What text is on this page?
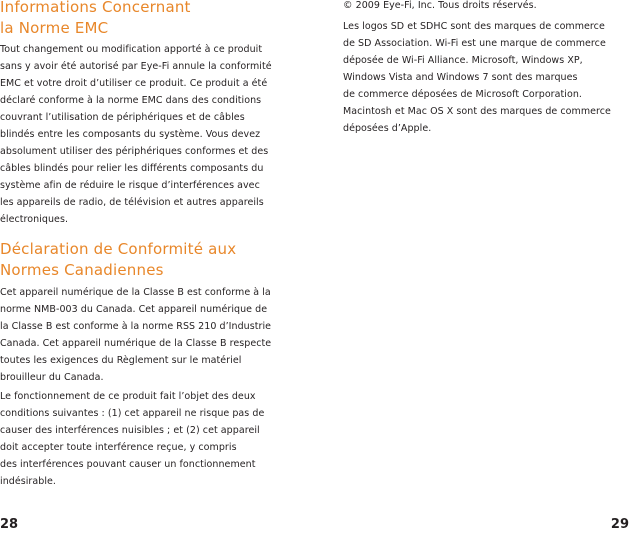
Informations Concernant
la Norme EMC

Tout changement ou modification apporté à ce produit
sans y avoir été autorisé par Eye-Fi annule la conformité
EMC et votre droit d’utiliser ce produit. Ce produit a été
déclaré conforme à la norme EMC dans des conditions
couvrant l’utilisation de périphériques et de câbles
blindés entre les composants du système. Vous devez
absolument utiliser des périphériques conformes et des
câbles blindés pour relier les différents composants du
système afin de réduire le risque d’interférences avec
les appareils de radio, de télévision et autres appareils
électroniques.

Déclaration de Conformité aux
Normes Canadiennes

Cet appareil numérique de la Classe B est conforme à la
norme NMB-003 du Canada. Cet appareil numérique de
la Classe B est conforme à la norme RSS 210 d’Industrie
Canada. Cet appareil numérique de la Classe B respecte
toutes les exigences du Règlement sur le matériel
brouilleur du Canada.

Le fonctionnement de ce produit fait l’objet des deux
conditions suivantes : (1) cet appareil ne risque pas de
causer des interférences nuisibles ; et (2) cet appareil
doit accepter toute interférence reçue, y compris
des interférences pouvant causer un fonctionnement
indésirable.

© 2009 Eye-Fi, Inc. Tous droits réservés.

Les logos SD et SDHC sont des marques de commerce
de SD Association. Wi-Fi est une marque de commerce
déposée de Wi-Fi Alliance. Microsoft, Windows XP,
Windows Vista and Windows 7 sont des marques
de commerce déposées de Microsoft Corporation.
Macintosh et Mac OS X sont des marques de commerce
déposées d’Apple.

28	29
